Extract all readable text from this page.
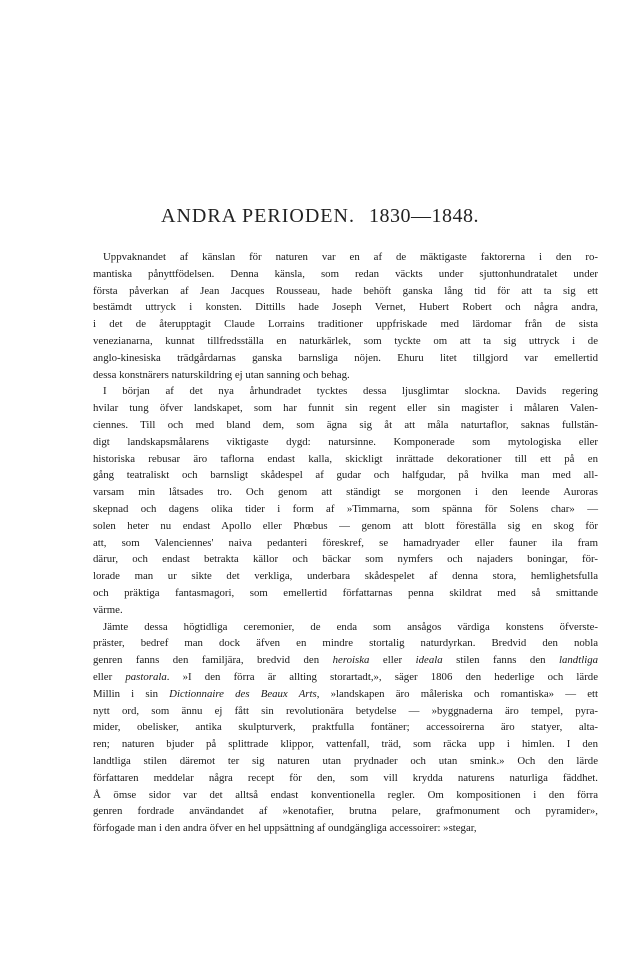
ANDRA PERIODEN. 1830—1848.
Uppvaknandet af känslan för naturen var en af de mäktigaste faktorerna i den ro-
mantiska pånyttfödelsen. Denna känsla, som redan väckts under sjuttonhundratalet under
första påverkan af Jean Jacques Rousseau, hade behöft ganska lång tid för att ta sig ett
bestämdt uttryck i konsten. Dittills hade Joseph Vernet, Hubert Robert och några andra,
i det de återupptagit Claude Lorrains traditioner uppfriskade med lärdomar från de sista
venezianarna, kunnat tillfredsställa en naturkärlek, som tyckte om att ta sig uttryck i de
anglo-kinesiska trädgårdarnas ganska barnsliga nöjen. Ehuru litet tillgjord var emellertid
dessa konstnärers naturskildring ej utan sanning och behag.
I början af det nya århundradet tycktes dessa ljusglimtar slockna. Davids regering
hvilar tung öfver landskapet, som har funnit sin regent eller sin magister i målaren Valen-
ciennes. Till och med bland dem, som ägna sig åt att måla naturtaflor, saknas fullstän-
digt landskapsmålarens viktigaste dygd: natursinne. Komponerade som mytologiska eller
historiska rebusar äro taflorna endast kalla, skickligt inrättade dekorationer till ett på en
gång teatraliskt och barnsligt skådespel af gudar och halfgudar, på hvilka man med all-
varsam min låtsades tro. Och genom att ständigt se morgonen i den leende Auroras
skepnad och dagens olika tider i form af »Timmarna, som spänna för Solens char» —
solen heter nu endast Apollo eller Phœbus — genom att blott föreställa sig en skog för
att, som Valenciennes' naiva pedanteri föreskref, se hamadryader eller fauner ila fram
därur, och endast betrakta källor och bäckar som nymfers och najaders boningar, för-
lorade man ur sikte det verkliga, underbara skådespelet af denna stora, hemlighetsfulla
och präktiga fantasmagori, som emellertid författarnas penna skildrat med så smittande
värme.
Jämte dessa högtidliga ceremonier, de enda som ansågos värdiga konstens öfverste-
präster, bedref man dock äfven en mindre stortalig naturdyrkan. Bredvid den nobla
genren fanns den familjära, bredvid den heroiska eller ideala stilen fanns den landtliga
eller pastorala. »I den förra är allting storartadt,», säger 1806 den hederlige och lärde
Millin i sin Dictionnaire des Beaux Arts, »landskapen äro måleriska och romantiska» — ett
nytt ord, som ännu ej fått sin revolutionära betydelse — »byggnaderna äro tempel, pyra-
mider, obelisker, antika skulpturverk, praktfulla fontäner; accessoirerna äro statyer, alta-
ren; naturen bjuder på splittrade klippor, vattenfall, träd, som räcka upp i himlen. I den
landtliga stilen däremot ter sig naturen utan prydnader och utan smink.» Och den lärde
författaren meddelar några recept för den, som vill krydda naturens naturliga fäddhet.
Å ömse sidor var det alltså endast konventionella regler. Om kompositionen i den förra
genren fordrade användandet af »kenotafier, brutna pelare, grafmonument och pyramider»,
förfogade man i den andra öfver en hel uppsättning af oundgängliga accessoirer: »stegar,
